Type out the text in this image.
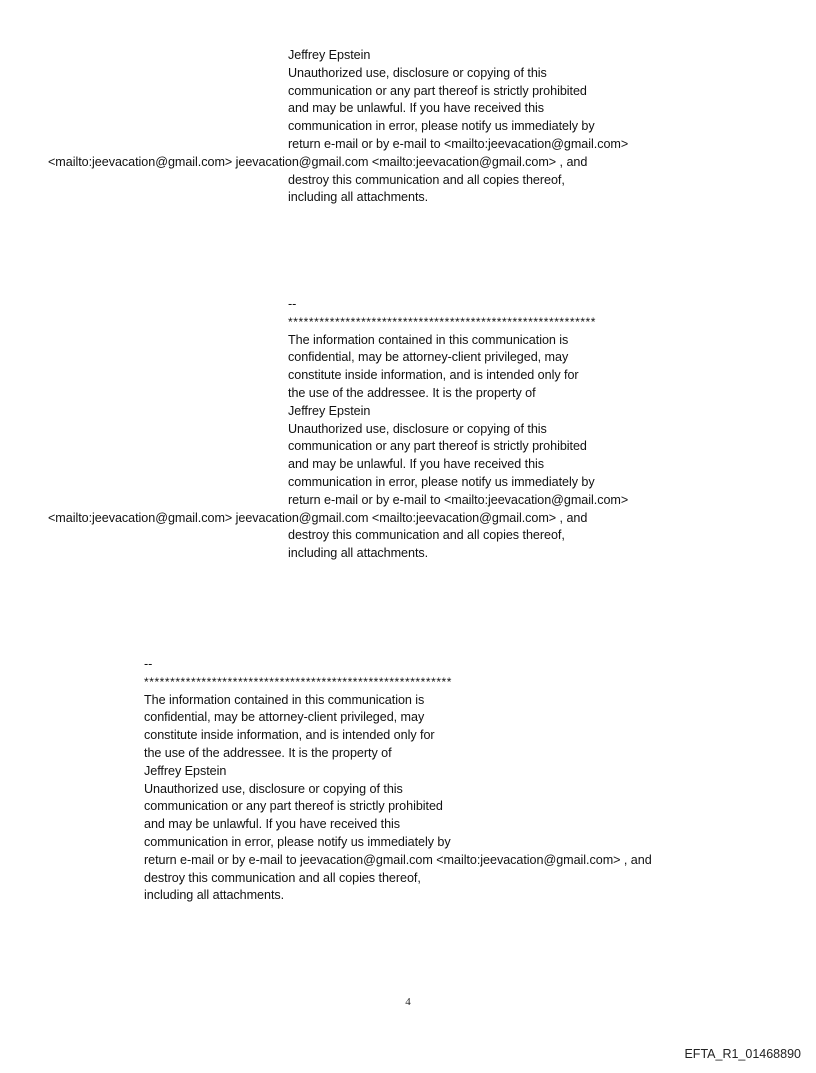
Jeffrey Epstein
Unauthorized use, disclosure or copying of this
communication or any part thereof is strictly prohibited
and may be unlawful. If you have received this
communication in error, please notify us immediately by
return e-mail or by e-mail to <mailto:jeevacation@gmail.com>
<mailto:jeevacation@gmail.com> jeevacation@gmail.com <mailto:jeevacation@gmail.com> , and
destroy this communication and all copies thereof,
including all attachments.
--
***********************************************************
The information contained in this communication is
confidential, may be attorney-client privileged, may
constitute inside information, and is intended only for
the use of the addressee. It is the property of
Jeffrey Epstein
Unauthorized use, disclosure or copying of this
communication or any part thereof is strictly prohibited
and may be unlawful. If you have received this
communication in error, please notify us immediately by
return e-mail or by e-mail to <mailto:jeevacation@gmail.com>
<mailto:jeevacation@gmail.com> jeevacation@gmail.com <mailto:jeevacation@gmail.com> , and
destroy this communication and all copies thereof,
including all attachments.
--
***********************************************************
The information contained in this communication is
confidential, may be attorney-client privileged, may
constitute inside information, and is intended only for
the use of the addressee. It is the property of
Jeffrey Epstein
Unauthorized use, disclosure or copying of this
communication or any part thereof is strictly prohibited
and may be unlawful. If you have received this
communication in error, please notify us immediately by
return e-mail or by e-mail to jeevacation@gmail.com <mailto:jeevacation@gmail.com> , and
destroy this communication and all copies thereof,
including all attachments.
4
EFTA_R1_01468890
